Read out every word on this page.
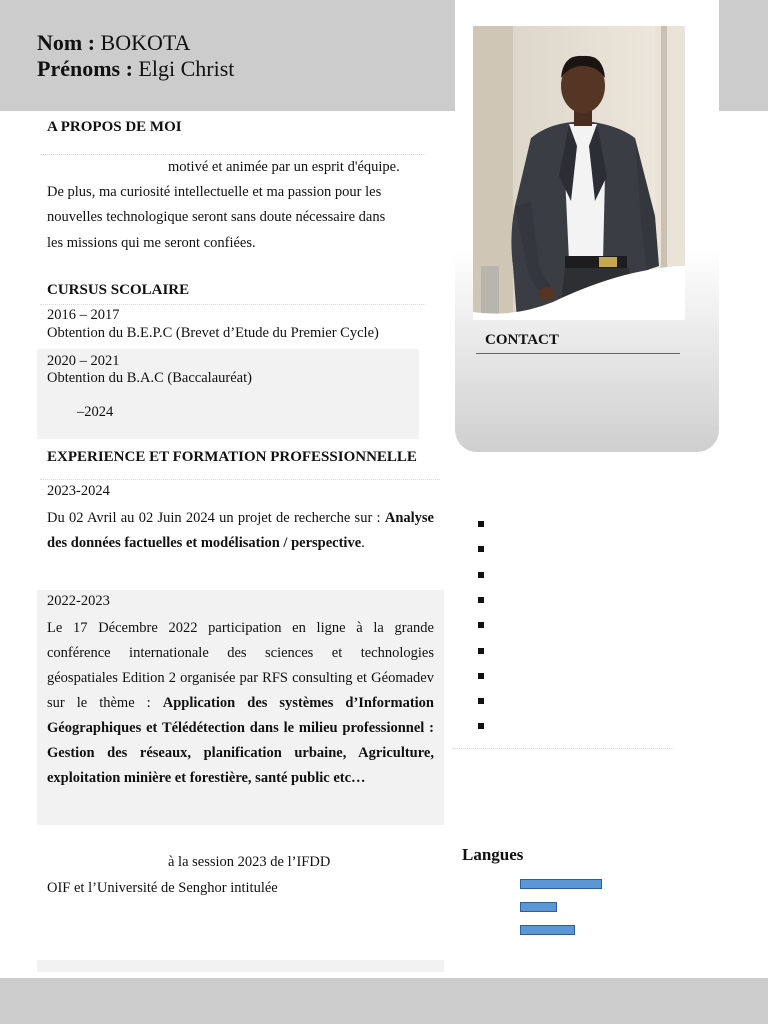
Nom : BOKOTA
Prénoms : Elgi Christ
A PROPOS DE MOI
motivé et animée par un esprit d'équipe.
De plus, ma curiosité intellectuelle et ma passion pour les
nouvelles technologique seront sans doute nécessaire dans
les missions qui me seront confiées.
CURSUS SCOLAIRE
2016 – 2017
Obtention du B.E.P.C (Brevet d’Etude du Premier Cycle)
2020 – 2021
Obtention du B.A.C (Baccalauréat)
–2024
EXPERIENCE ET FORMATION PROFESSIONNELLE
2023-2024
Du 02 Avril au 02 Juin 2024 un projet de recherche sur : Analyse des données factuelles et modélisation / perspective.
2022-2023
Le 17 Décembre 2022 participation en ligne à la grande conférence internationale des sciences et technologies géospatiales Edition 2 organisée par RFS consulting et Géomadev sur le thème : Application des systèmes d’Information Géographiques et Télédétection dans le milieu professionnel : Gestion des réseaux, planification urbaine, Agriculture, exploitation minière et forestière, santé public etc…
à la session 2023 de l’IFDD
OIF et l’Université de Senghor intitulée
CONTACT
Langues
